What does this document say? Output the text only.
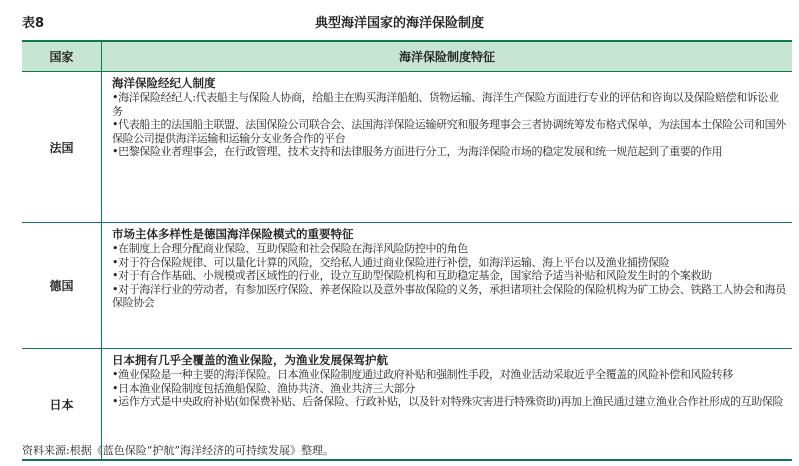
表8	典型海洋国家的海洋保险制度
国家	海洋保险制度特征
法国
海洋保险经纪人制度
•海洋保险经纪人:代表船主与保险人协商，给船主在购买海洋船舶、货物运输、海洋生产保险方面进行专业的评估和咨询以及保险赔偿和诉讼业务
•代表船主的法国船主联盟、法国保险公司联合会、法国海洋保险运输研究和服务理事会三者协调统筹发布格式保单，为法国本土保险公司和国外保险公司提供海洋运输和运输分支业务合作的平台
•巴黎保险业者理事会，在行政管理、技术支持和法律服务方面进行分工，为海洋保险市场的稳定发展和统一规范起到了重要的作用
德国
市场主体多样性是德国海洋保险模式的重要特征
•在制度上合理分配商业保险、互助保险和社会保险在海洋风险防控中的角色
•对于符合保险规律、可以量化计算的风险，交给私人通过商业保险进行补偿，如海洋运输、海上平台以及渔业捕捞保险
•对于有合作基础、小规模或者区域性的行业，设立互助型保险机构和互助稳定基金，国家给予适当补贴和风险发生时的个案救助
•对于海洋行业的劳动者，有参加医疗保险、养老保险以及意外事故保险的义务，承担诸项社会保险的保险机构为矿工协会、铁路工人协会和海员保险协会
日本
日本拥有几乎全覆盖的渔业保险，为渔业发展保驾护航
•渔业保险是一种主要的海洋保险。日本渔业保险制度通过政府补贴和强制性手段，对渔业活动采取近乎全覆盖的风险补偿和风险转移
•日本渔业保险制度包括渔船保险、渔协共济、渔业共济三大部分
•运作方式是中央政府补贴(如保费补贴、后备保险、行政补贴，以及针对特殊灾害进行特殊资助)再加上渔民通过建立渔业合作社形成的互助保险
资料来源:根据《蓝色保险“护航”海洋经济的可持续发展》整理。
